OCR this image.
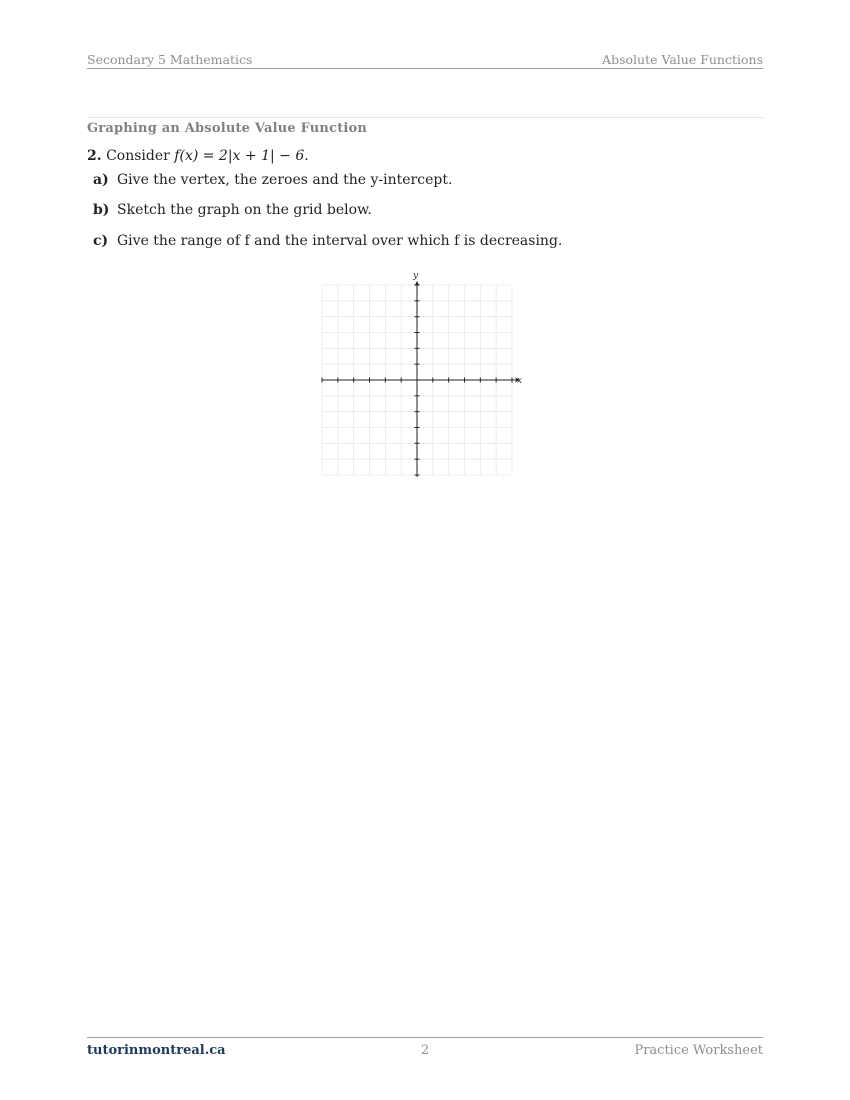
Secondary 5 Mathematics	Absolute Value Functions
Graphing an Absolute Value Function
2. Consider f(x) = 2|x + 1| − 6.
a) Give the vertex, the zeroes and the y-intercept.
b) Sketch the graph on the grid below.
c) Give the range of f and the interval over which f is decreasing.
x
y
tutorinmontreal.ca	2	Practice Worksheet
